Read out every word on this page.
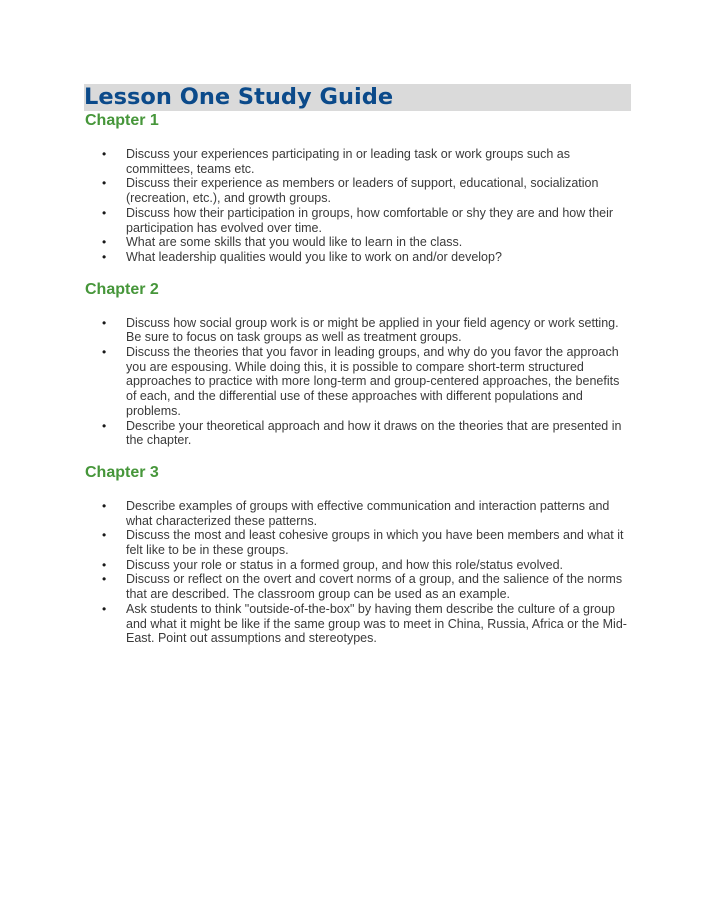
Lesson One Study Guide
Chapter 1
• Discuss your experiences participating in or leading task or work groups such as committees, teams etc.
• Discuss their experience as members or leaders of support, educational, socialization (recreation, etc.), and growth groups.
• Discuss how their participation in groups, how comfortable or shy they are and how their participation has evolved over time.
• What are some skills that you would like to learn in the class.
• What leadership qualities would you like to work on and/or develop?
Chapter 2
• Discuss how social group work is or might be applied in your field agency or work setting. Be sure to focus on task groups as well as treatment groups.
• Discuss the theories that you favor in leading groups, and why do you favor the approach you are espousing. While doing this, it is possible to compare short-term structured approaches to practice with more long-term and group-centered approaches, the benefits of each, and the differential use of these approaches with different populations and problems.
• Describe your theoretical approach and how it draws on the theories that are presented in the chapter.
Chapter 3
• Describe examples of groups with effective communication and interaction patterns and what characterized these patterns.
• Discuss the most and least cohesive groups in which you have been members and what it felt like to be in these groups.
• Discuss your role or status in a formed group, and how this role/status evolved.
• Discuss or reflect on the overt and covert norms of a group, and the salience of the norms that are described. The classroom group can be used as an example.
• Ask students to think "outside-of-the-box" by having them describe the culture of a group and what it might be like if the same group was to meet in China, Russia, Africa or the Mid-East. Point out assumptions and stereotypes.
